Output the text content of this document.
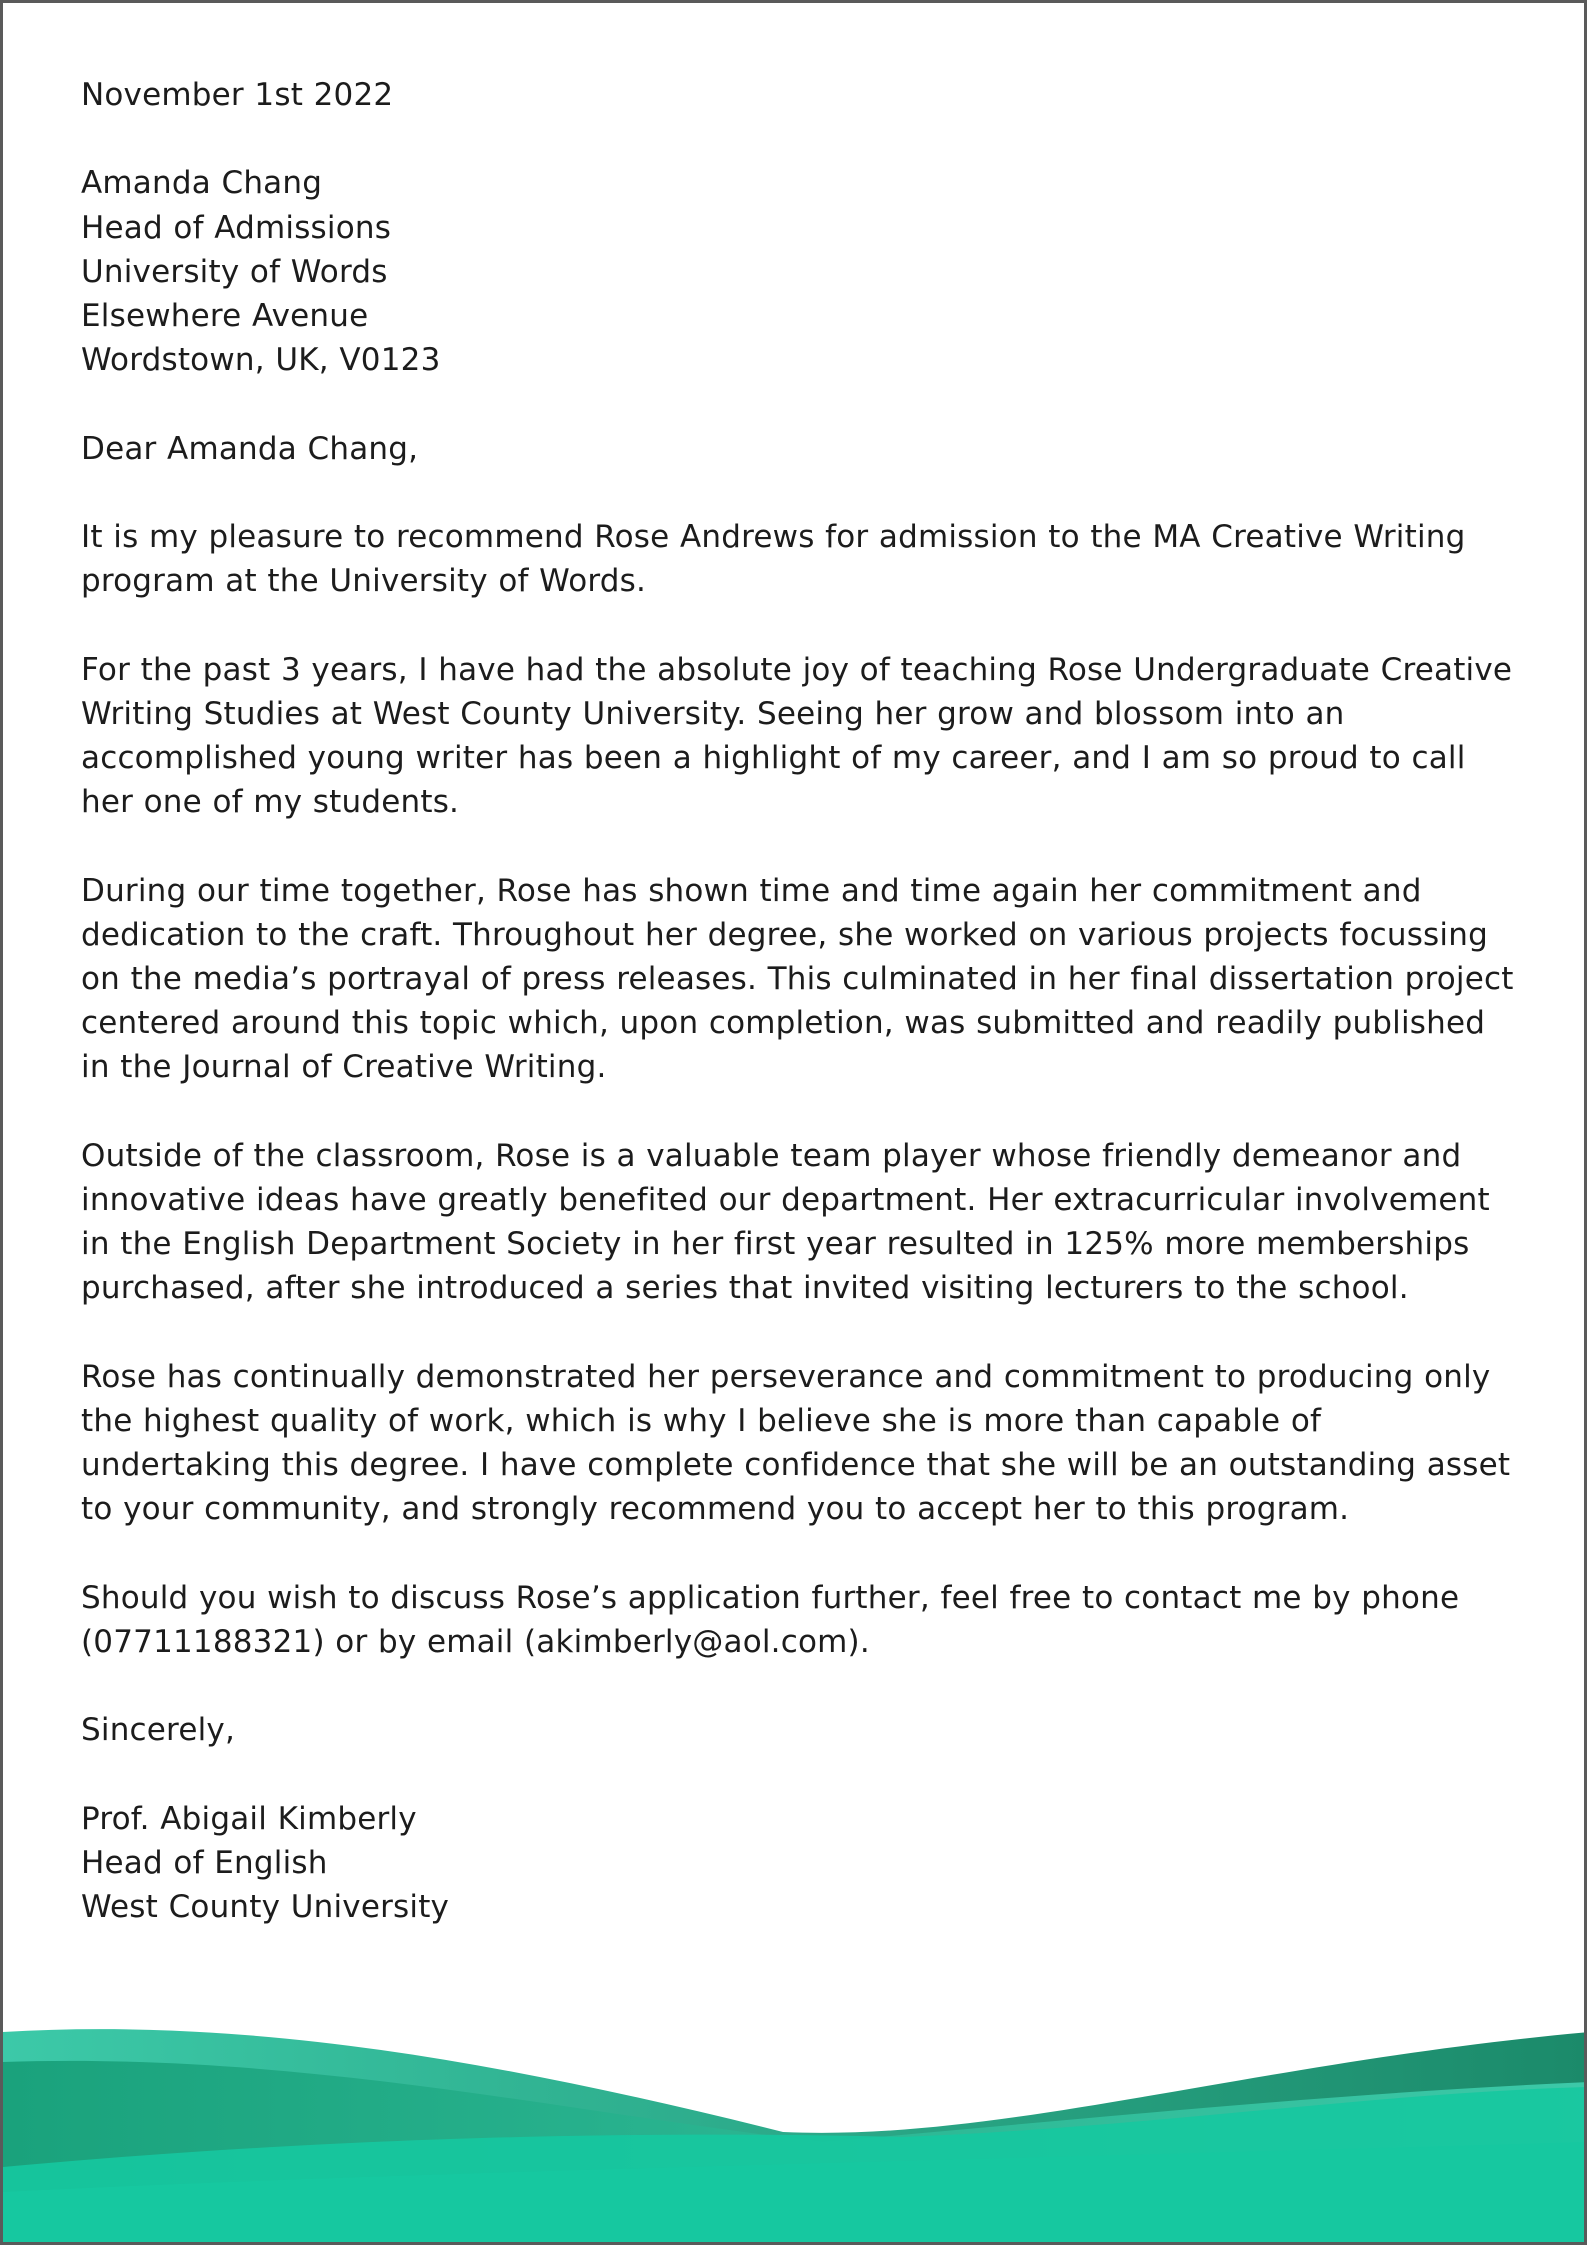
November 1st 2022

Amanda Chang
Head of Admissions
University of Words
Elsewhere Avenue
Wordstown, UK, V0123

Dear Amanda Chang,

It is my pleasure to recommend Rose Andrews for admission to the MA Creative Writing program at the University of Words.

For the past 3 years, I have had the absolute joy of teaching Rose Undergraduate Creative Writing Studies at West County University. Seeing her grow and blossom into an accomplished young writer has been a highlight of my career, and I am so proud to call her one of my students.

During our time together, Rose has shown time and time again her commitment and dedication to the craft. Throughout her degree, she worked on various projects focussing on the media’s portrayal of press releases. This culminated in her final dissertation project centered around this topic which, upon completion, was submitted and readily published in the Journal of Creative Writing.

Outside of the classroom, Rose is a valuable team player whose friendly demeanor and innovative ideas have greatly benefited our department. Her extracurricular involvement in the English Department Society in her first year resulted in 125% more memberships purchased, after she introduced a series that invited visiting lecturers to the school.

Rose has continually demonstrated her perseverance and commitment to producing only the highest quality of work, which is why I believe she is more than capable of undertaking this degree. I have complete confidence that she will be an outstanding asset to your community, and strongly recommend you to accept her to this program.

Should you wish to discuss Rose’s application further, feel free to contact me by phone (07711188321) or by email (akimberly@aol.com).

Sincerely,

Prof. Abigail Kimberly
Head of English
West County University
